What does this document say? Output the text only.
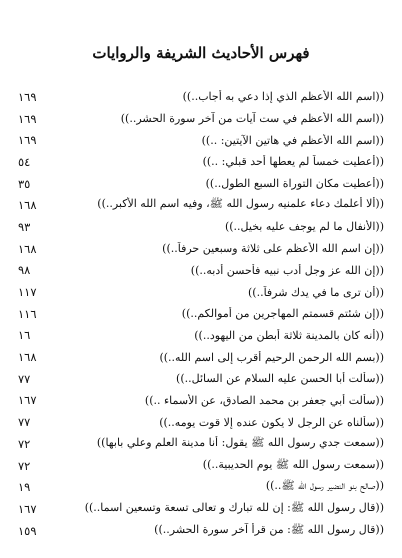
فهرس الأحاديث الشريفة والروايات
((اسم الله الأعظم الذي إذا دعي به أجاب..))
١٦٩
((اسم الله الأعظم في ست آيات من آخر سورة الحشر..))
١٦٩
((اسم الله الأعظم في هاتين الآيتين: ..))
١٦٩
((أعطيت خمساً لم يعطها أحد قبلي: ..))
٥٤
((أعطيت مكان التوراة السبع الطول..))
٣٥
((ألا أعلمك دعاء علمنيه رسول الله ﷺ، وفيه اسم الله الأكبر..))
١٦٨
((الأنفال ما لم يوجف عليه بخيل..))
٩٣
((إن اسم الله الأعظم على ثلاثة وسبعين حرفاً..))
١٦٨
((إن الله عز وجل أدب نبيه فأحسن أدبه..))
٩٨
((أن ترى ما في يدك شرفاً..))
١١٧
((إن شئتم قسمتم المهاجرين من أموالكم..))
١١٦
((أنه كان بالمدينة ثلاثة أبطن من اليهود..))
١٦
((بسم الله الرحمن الرحيم أقرب إلى اسم الله..))
١٦٨
((سألت أبا الحسن عليه السلام عن السائل..))
٧٧
((سألت أبي جعفر بن محمد الصادق، عن الأسماء ..))
١٦٧
((سألناه عن الرجل لا يكون عنده إلا قوت يومه..))
٧٧
((سمعت جدي رسول الله ﷺ يقول: أنا مدينة العلم وعلي بابها))
٧٢
((سمعت رسول الله ﷺ يوم الحديبية..))
٧٢
((صالح بنو النضير رسول الله ﷺ..))
١٩
((قال رسول الله ﷺ: إن لله تبارك و تعالى تسعة وتسعين اسما..))
١٦٧
((قال رسول الله ﷺ: من قرأ آخر سورة الحشر..))
١٥٩
